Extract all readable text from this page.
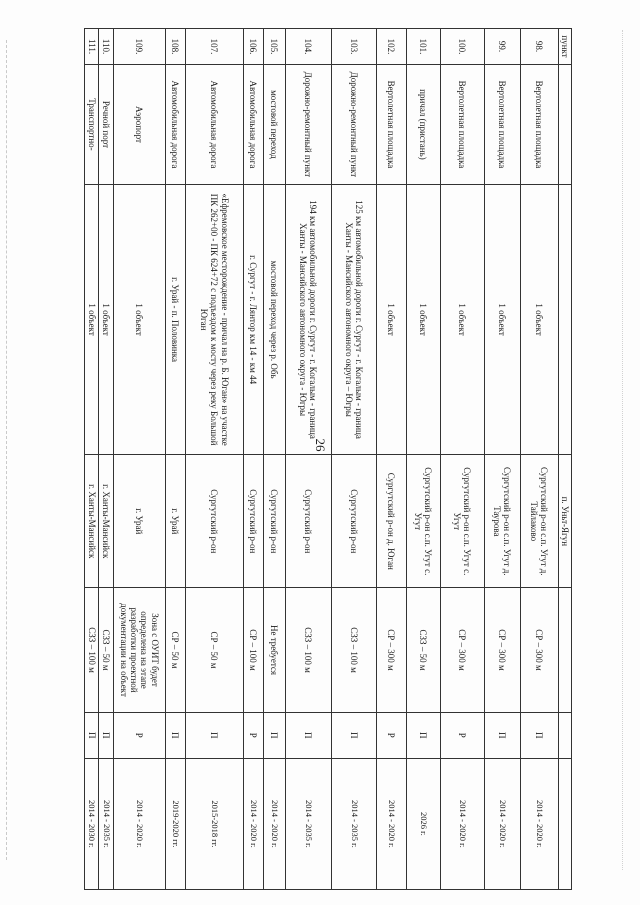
26
пункт			п. Уньт-Ягун			
98.	Вертолетная площадка	1 объект	Сургутский р-он с.п. Угут д. Тайлаково	СР – 300 м	П	2014 - 2020 г.
99.	Вертолетная площадка	1 объект	Сургутский р-он с.п. Угут д. Таурова	СР – 300 м	П	2014 - 2020 г.
100.	Вертолетная площадка	1 объект	Сургутский р-он с.п. Угут с. Угут	СР – 300 м	Р	2014 - 2020 г.
101.	причал (пристань)	1 объект	Сургутский р-он с.п. Угут с. Угут	СЗЗ – 50 м	П	2026 г.
102.	Вертолетная площадка	1 объект	Сургутский р-он д. Юган	СР – 300 м	Р	2014 - 2020 г.
103.	Дорожно-ремонтный пункт	125 км автомобильной дороги г. Сургут - г. Когалым - граница Ханты - Мансийского автономного округа – Югры	Сургутский р-он	СЗЗ – 100 м	П	2014 - 2035 г.
104.	Дорожно-ремонтный пункт	194 км автомобильной дороги г. Сургут - г. Когалым - граница Ханты - Мансийского автономного округа - Югры	Сургутский р-он	СЗЗ – 100 м	П	2014 - 2035 г.
105.	мостовой переход	мостовой переход через р. Обь	Сургутский р-он	Не требуется	П	2014 - 2020 г.
106.	Автомобильная дорога	г. Сургут - г. Лянтор км 14 - км 44	Сургутский р-он	СР – 100 м	Р	2014 - 2020 г.
107.	Автомобильная дорога	«Ефремовское месторождение - причал на р. Б. Юган» на участке ПК 262+00 - ПК 624+72 с подъездом к мосту через реку Большой Юган	Сургутский р-он	СР – 50 м	П	2015-2018 гг.
108.	Автомобильная дорога	г. Урай - п. Половинка	г. Урай	СР – 50 м	П	2019-2020 гг.
109.	Аэропорт	1 объект	г. Урай	Зона с ОУИТ будет определена на этапе разработки проектной документации на объект	Р	2014 - 2020 г.
110.	Речной порт	1 объект	г. Ханты-Мансийск	СЗЗ – 50 м	П	2014 - 2035 г.
111.	Транспортно-	1 объект	г. Ханты-Мансийск	СЗЗ – 100 м	П	2014 - 2030 г.
